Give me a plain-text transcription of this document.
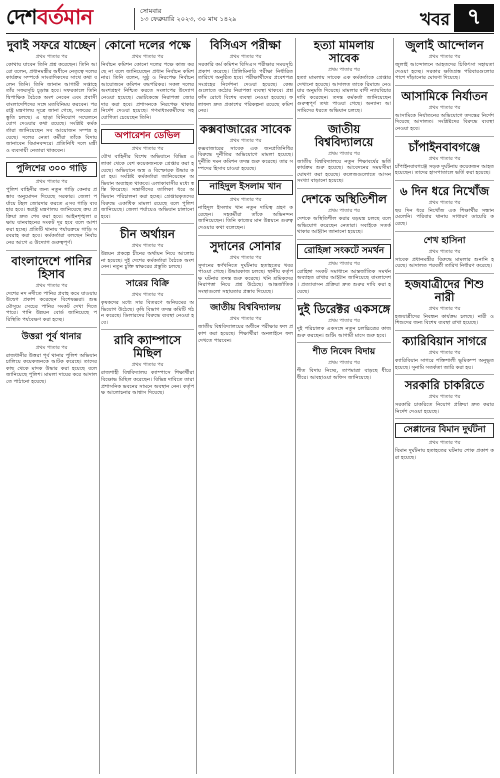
দেশ বর্তমান	সোমবার
১৩ ফেব্রুয়ারি ২০২৩, ৩০ মাঘ ১৪২৯	খবর ৭
দুবাই সফরে যাচ্ছেন
প্রথম পাতার পর
কোথায় যাবেন তিনি প্রশ্ন করেছেন। তিনি আরো বলেন, প্রধানমন্ত্রীর অধীনে নেতৃত্বে দলের কার্যক্রম সম্পর্কে সাংবাদিকদের সাথে কথা বলেন তিনি। তিনি জানান আগামী সপ্তাহে তাঁর সফরসূচি চূড়ান্ত হবে। সফরকালে তিনি দ্বিপাক্ষিক বৈঠকে অংশ নেবেন এবং প্রবাসী বাংলাদেশিদের সঙ্গে মতবিনিময় করবেন। পররাষ্ট্র মন্ত্রণালয় সূত্রে জানা গেছে, সফরের প্রস্তুতি চলছে। এ ছাড়া বিনিয়োগ সম্মেলনে যোগ দেওয়ার কথা রয়েছে। সংশ্লিষ্ট কর্মকর্তারা জানিয়েছেন সব আয়োজন সম্পন্ন হয়েছে। দলের নেতা কর্মীরা তাঁকে বিদায় জানাবেন বিমানবন্দরে। প্রতিনিধি দলে মন্ত্রী ও ব্যবসায়ী নেতারা থাকবেন।
পুলিশের ৩০০ গাড়ি
প্রথম পাতার পর
পুলিশ বাহিনীর জন্য নতুন গাড়ি কেনার প্রস্তাব অনুমোদন দিয়েছে সরকার। জেলা পর্যায়ে টহল জোরদার করতে এসব গাড়ি ব্যবহার হবে। স্বরাষ্ট্র মন্ত্রণালয় জানিয়েছে ক্রয় প্রক্রিয়া দ্রুত শেষ করা হবে। আইনশৃঙ্খলা রক্ষায় যানবাহনের সংকট দূর হবে বলে আশা করা হচ্ছে। প্রতিটি থানায় পর্যায়ক্রমে গাড়ি সরবরাহ করা হবে। কর্মকর্তারা বলছেন নির্বাচনের আগে এ উদ্যোগ গুরুত্বপূর্ণ।
বাংলাদেশে পানির হিসাব
প্রথম পাতার পর
দেশের নদ নদীতে পানির প্রবাহ কমে যাওয়ায় উদ্বেগ প্রকাশ করেছেন বিশেষজ্ঞরা। শুষ্ক মৌসুমে সেচের পানির সংকট দেখা দিতে পারে। পানি উন্নয়ন বোর্ড জানিয়েছে পরিস্থিতি পর্যবেক্ষণ করা হচ্ছে।
উত্তরা পূর্ব থানার
প্রথম পাতার পর
রাজধানীর উত্তরা পূর্ব থানার পুলিশ অভিযান চালিয়ে কয়েকজনকে আটক করেছে। তাদের কাছ থেকে মাদক উদ্ধার করা হয়েছে বলে জানিয়েছে পুলিশ। মামলা দায়ের করে আদালতে পাঠানো হয়েছে।
কোনো দলের পক্ষে
প্রথম পাতার পর
নির্বাচন কমিশন কোনো দলের পক্ষে কাজ করছে না বলে জানিয়েছেন প্রধান নির্বাচন কমিশনার। তিনি বলেন, সুষ্ঠু ও নিরপেক্ষ নির্বাচন আয়োজনে কমিশন বদ্ধপরিকর। সকল দলের অংশগ্রহণ নিশ্চিত করতে সংলাপের উদ্যোগ নেওয়া হয়েছে। ভোটকেন্দ্রে নিরাপত্তা জোরদার করা হবে। প্রশাসনকে নিরপেক্ষ থাকার নির্দেশ দেওয়া হয়েছে। গণমাধ্যমকর্মীদের সহযোগিতা চেয়েছেন তিনি।
অপারেশন ডেভিল
প্রথম পাতার পর
যৌথ বাহিনীর বিশেষ অভিযানে বিভিন্ন এলাকা থেকে বেশ কয়েকজনকে গ্রেপ্তার করা হয়েছে। অভিযানে অস্ত্র ও বিস্ফোরক উদ্ধার করা হয়। সংশ্লিষ্ট কর্মকর্তারা জানিয়েছেন অভিযান অব্যাহত থাকবে। এলাকাবাসীর মধ্যে স্বস্তি ফিরেছে। সন্ত্রাসীদের তালিকা ধরে অভিযান পরিচালনা করা হচ্ছে। গ্রেপ্তারকৃতদের বিরুদ্ধে একাধিক মামলা রয়েছে বলে পুলিশ জানিয়েছে। জেলা পর্যায়েও অভিযান চালানো হবে।
চীন অর্থায়ন
প্রথম পাতার পর
উন্নয়ন প্রকল্পে চীনের অর্থায়ন নিয়ে আলোচনা হয়েছে। দুই দেশের কর্মকর্তারা বৈঠকে অংশ নেন। নতুন চুক্তি স্বাক্ষরের প্রস্তুতি চলছে।
সারের বিক্রি
প্রথম পাতার পর
কৃষকদের মধ্যে সার বিতরণে অনিয়মের অভিযোগ উঠেছে। কৃষি বিভাগ তদন্ত কমিটি গঠন করেছে। ডিলারদের বিরুদ্ধে ব্যবস্থা নেওয়া হবে।
রাবি ক্যাম্পাসে মিছিল
প্রথম পাতার পর
রাজশাহী বিশ্ববিদ্যালয় ক্যাম্পাসে শিক্ষার্থীরা বিক্ষোভ মিছিল করেছেন। বিভিন্ন দাবিতে তারা প্রশাসনিক ভবনের সামনে অবস্থান নেন। কর্তৃপক্ষ আলোচনার আশ্বাস দিয়েছে।
বিসিএস পরীক্ষা
প্রথম পাতার পর
সরকারি কর্ম কমিশন বিসিএস পরীক্ষার সময়সূচি প্রকাশ করেছে। প্রিলিমিনারি পরীক্ষা নির্ধারিত তারিখে অনুষ্ঠিত হবে। পরীক্ষার্থীদের প্রবেশপত্র সংগ্রহের নির্দেশনা দেওয়া হয়েছে। কেন্দ্রগুলোতে কঠোর নিরাপত্তা ব্যবস্থা থাকবে। প্রশ্নফাঁস রোধে বিশেষ ব্যবস্থা নেওয়া হয়েছে। ফলাফল দ্রুত প্রকাশের পরিকল্পনা রয়েছে কমিশনের।
কক্সবাজারের সাবেক
প্রথম পাতার পর
কক্সবাজারের সাবেক এক জনপ্রতিনিধির বিরুদ্ধে দুর্নীতির অভিযোগে মামলা হয়েছে। দুর্নীতি দমন কমিশন তদন্ত শুরু করেছে। তার সম্পদের হিসাব চাওয়া হয়েছে।
নাহিদুল ইসলাম খান
প্রথম পাতার পর
নাহিদুল ইসলাম খান নতুন দায়িত্ব গ্রহণ করেছেন। সহকর্মীরা তাঁকে অভিনন্দন জানিয়েছেন। তিনি কাজের মান উন্নয়নে গুরুত্ব দেওয়ার কথা বলেছেন।
সুদানের সোনার
প্রথম পাতার পর
সুদানের স্বর্ণখনিতে দুর্ঘটনায় হতাহতের খবর পাওয়া গেছে। উদ্ধারকাজ চলছে। স্থানীয় কর্তৃপক্ষ ঘটনার তদন্ত শুরু করেছে। খনি শ্রমিকদের নিরাপত্তা নিয়ে প্রশ্ন উঠেছে। আন্তর্জাতিক সংস্থাগুলো সহায়তার প্রস্তাব দিয়েছে।
জাতীয় বিশ্ববিদ্যালয়
প্রথম পাতার পর
জাতীয় বিশ্ববিদ্যালয়ের অধীনে পরীক্ষার ফল প্রকাশ করা হয়েছে। শিক্ষার্থীরা অনলাইনে ফল দেখতে পারবেন।
হত্যা মামলায় সাবেক
প্রথম পাতার পর
হত্যা মামলায় সাবেক এক কর্মকর্তাকে গ্রেপ্তার দেখানো হয়েছে। আদালত তাকে রিমান্ডে নেওয়ার অনুমতি দিয়েছে। মামলার বাদী ন্যায়বিচার দাবি করেছেন। তদন্ত কর্মকর্তা জানিয়েছেন গুরুত্বপূর্ণ তথ্য পাওয়া গেছে। অন্যান্য আসামিদের ধরতে অভিযান চলছে।
জাতীয় বিশ্ববিদ্যালয়ে
প্রথম পাতার পর
জাতীয় বিশ্ববিদ্যালয়ে নতুন শিক্ষাবর্ষের ভর্তি কার্যক্রম শুরু হয়েছে। আবেদনের সময়সীমা ঘোষণা করা হয়েছে। কলেজগুলোতে আসন সংখ্যা বাড়ানো হয়েছে।
দেশকে অস্থিতিশীল
প্রথম পাতার পর
দেশকে অস্থিতিশীল করার ষড়যন্ত্র চলছে বলে অভিযোগ করেছেন নেতারা। সবাইকে সতর্ক থাকার আহ্বান জানানো হয়েছে।
রোহিঙ্গা সংকটে সমর্থন
প্রথম পাতার পর
রোহিঙ্গা সংকট সমাধানে আন্তর্জাতিক সমর্থন অব্যাহত রাখার আহ্বান জানিয়েছে বাংলাদেশ। প্রত্যাবাসন প্রক্রিয়া দ্রুত শুরুর দাবি করা হয়েছে।
দুই ডিরেক্টর একসঙ্গে
প্রথম পাতার পর
দুই পরিচালক একসঙ্গে নতুন চলচ্চিত্রের কাজ শুরু করছেন। শুটিং আগামী মাসে শুরু হবে।
শীত নিবেদ বিদায়
প্রথম পাতার পর
শীত বিদায় নিচ্ছে, তাপমাত্রা বাড়ছে ধীরে ধীরে। আবহাওয়া অফিস জানিয়েছে।
জুলাই আন্দোলন
প্রথম পাতার পর
জুলাই আন্দোলনে আহতদের চিকিৎসা সহায়তা দেওয়া হচ্ছে। সরকার ক্ষতিগ্রস্ত পরিবারগুলোর পাশে দাঁড়ানোর ঘোষণা দিয়েছে।
আসামিকে নির্যাতন
প্রথম পাতার পর
আসামিকে নির্যাতনের অভিযোগে তদন্তের নির্দেশ দিয়েছে আদালত। সংশ্লিষ্টদের বিরুদ্ধে ব্যবস্থা নেওয়া হবে।
চাঁপাইনবাবগঞ্জে
প্রথম পাতার পর
চাঁপাইনবাবগঞ্জে সড়ক দুর্ঘটনায় কয়েকজন আহত হয়েছেন। তাদের হাসপাতালে ভর্তি করা হয়েছে।
৬ দিন ধরে নিখোঁজ
প্রথম পাতার পর
ছয় দিন ধরে নিখোঁজ এক শিক্ষার্থীর সন্ধান মেলেনি। পরিবার থানায় সাধারণ ডায়েরি করেছে।
শেখ হাসিনা
প্রথম পাতার পর
সাবেক প্রধানমন্ত্রীর বিরুদ্ধে মামলার শুনানি হয়েছে। আদালত পরবর্তী তারিখ নির্ধারণ করেছে।
হজযাত্রীদের শিশু নারী
প্রথম পাতার পর
হজযাত্রীদের নিবন্ধন কার্যক্রম চলছে। নারী ও শিশুদের জন্য বিশেষ ব্যবস্থা রাখা হয়েছে।
ক্যারিবিয়ান সাগরে
প্রথম পাতার পর
ক্যারিবিয়ান সাগরে শক্তিশালী ভূমিকম্প অনুভূত হয়েছে। সুনামি সতর্কতা জারি করা হয়।
সরকারি চাকরিতে
প্রথম পাতার পর
সরকারি চাকরিতে নিয়োগ প্রক্রিয়া দ্রুত করার নির্দেশ দেওয়া হয়েছে।
সেপ্পানের বিমান দুর্ঘটনা
প্রথম পাতার পর
বিমান দুর্ঘটনায় হতাহতের ঘটনায় শোক প্রকাশ করা হয়েছে।
